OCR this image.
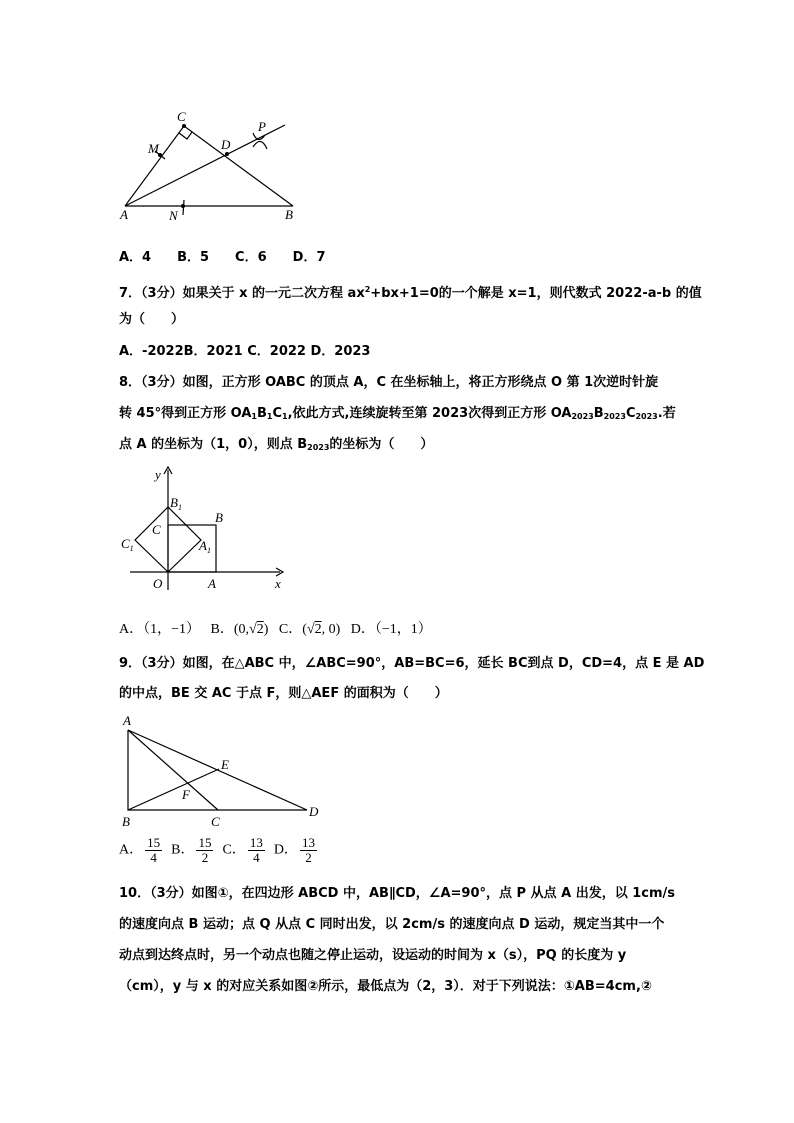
C
M	D
P
A	N	B
A．4　　B．5　　C．6　　D．7
7．（3分）如果关于 x 的一元二次方程 $ax^2+bx+1=0$的一个解是 x=1，则代数式 2022-a-b 的值
为（　　）
A．-2022B．2021 C．2022 D．2023
8．（3分）如图，正方形 OABC 的顶点 A，C 在坐标轴上，将正方形绕点 O 第 1次逆时针旋
转 45°得到正方形 $OA_1B_1C_1$,依此方式,连续旋转至第 2023次得到正方形 $OA_{2023}B_{2023}C_{2023}$.若
点 A 的坐标为（1，0），则点 $B_{2023}$的坐标为（　　）
y
$B_1$
B
C
$C_1$	$A_1$
O	A	x
A．（1，−1） B．(0,√2) C．(√2, 0) D．（−1，1）
9．（3分）如图，在△ABC 中，∠ABC=90°，AB=BC=6，延长 BC到点 D，CD=4，点 E 是 AD
的中点，BE 交 AC 于点 F，则△AEF 的面积为（　　）
A
E
F
B	C
D
A． $\frac{15}{4}$ B． $\frac{15}{2}$ C． $\frac{13}{4}$ D． $\frac{13}{2}$
10．（3分）如图①，在四边形 ABCD 中，AB∥CD，∠A=90°，点 P 从点 A 出发，以 1cm/s
的速度向点 B 运动；点 Q 从点 C 同时出发，以 2cm/s 的速度向点 D 运动，规定当其中一个
动点到达终点时，另一个动点也随之停止运动，设运动的时间为 x（s），PQ 的长度为 y
（cm），y 与 x 的对应关系如图②所示，最低点为（2，3）．对于下列说法：①AB=4cm,②
